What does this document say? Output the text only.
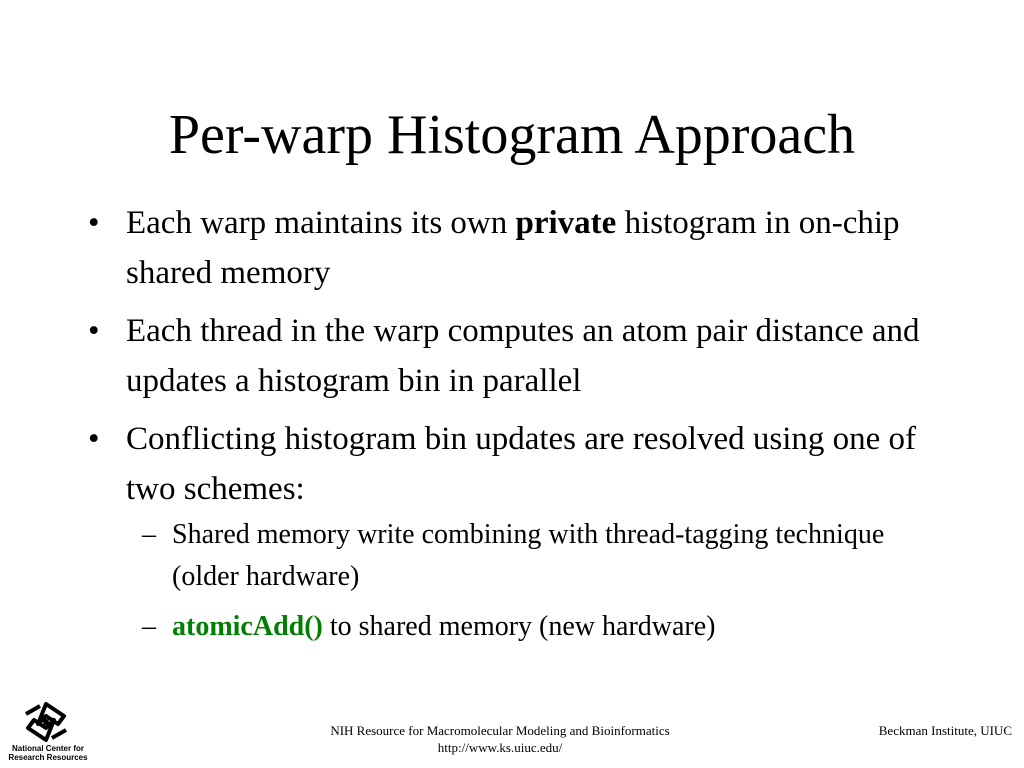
Per-warp Histogram Approach
• Each warp maintains its own private histogram in on-chip shared memory
• Each thread in the warp computes an atom pair distance and updates a histogram bin in parallel
• Conflicting histogram bin updates are resolved using one of two schemes:
– Shared memory write combining with thread-tagging technique (older hardware)
– atomicAdd() to shared memory (new hardware)
National Center for
Research Resources
NIH Resource for Macromolecular Modeling and Bioinformatics
http://www.ks.uiuc.edu/
Beckman Institute, UIUC
